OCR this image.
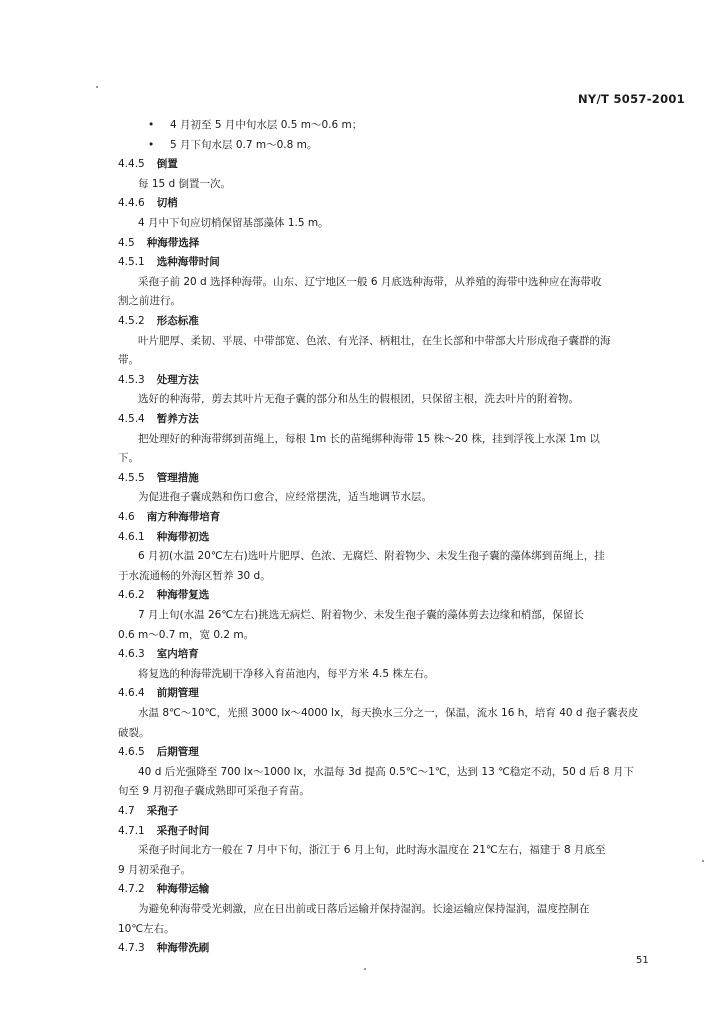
NY/T 5057-2001
• 4 月初至 5 月中旬水层 0.5 m～0.6 m；
• 5 月下旬水层 0.7 m～0.8 m。
4.4.5 倒置
每 15 d 倒置一次。
4.4.6 切梢
4 月中下旬应切梢保留基部藻体 1.5 m。
4.5 种海带选择
4.5.1 选种海带时间
采孢子前 20 d 选择种海带。山东、辽宁地区一般 6 月底选种海带，从养殖的海带中选种应在海带收
割之前进行。
4.5.2 形态标准
叶片肥厚、柔韧、平展、中带部宽、色浓、有光泽、柄粗壮，在生长部和中带部大片形成孢子囊群的海
带。
4.5.3 处理方法
选好的种海带，剪去其叶片无孢子囊的部分和丛生的假根团，只保留主根，洗去叶片的附着物。
4.5.4 暂养方法
把处理好的种海带绑到苗绳上，每根 1m 长的苗绳绑种海带 15 株～20 株，挂到浮筏上水深 1m 以
下。
4.5.5 管理措施
为促进孢子囊成熟和伤口愈合，应经常摆洗，适当地调节水层。
4.6 南方种海带培育
4.6.1 种海带初选
6 月初(水温 20℃左右)选叶片肥厚、色浓、无腐烂、附着物少、未发生孢子囊的藻体绑到苗绳上，挂
于水流通畅的外海区暂养 30 d。
4.6.2 种海带复选
7 月上旬(水温 26℃左右)挑选无病烂、附着物少、未发生孢子囊的藻体剪去边缘和梢部，保留长
0.6 m～0.7 m，宽 0.2 m。
4.6.3 室内培育
将复选的种海带洗刷干净移入育苗池内，每平方米 4.5 株左右。
4.6.4 前期管理
水温 8℃～10℃，光照 3000 lx～4000 lx，每天换水三分之一，保温，流水 16 h，培育 40 d 孢子囊表皮
破裂。
4.6.5 后期管理
40 d 后光强降至 700 lx～1000 lx，水温每 3d 提高 0.5℃～1℃，达到 13 ℃稳定不动，50 d 后 8 月下
旬至 9 月初孢子囊成熟即可采孢子育苗。
4.7 采孢子
4.7.1 采孢子时间
采孢子时间北方一般在 7 月中下旬，浙江于 6 月上旬，此时海水温度在 21℃左右，福建于 8 月底至
9 月初采孢子。
4.7.2 种海带运输
为避免种海带受光刺激，应在日出前或日落后运输并保持湿润。长途运输应保持湿润，温度控制在
10℃左右。
4.7.3 种海带洗刷
51
